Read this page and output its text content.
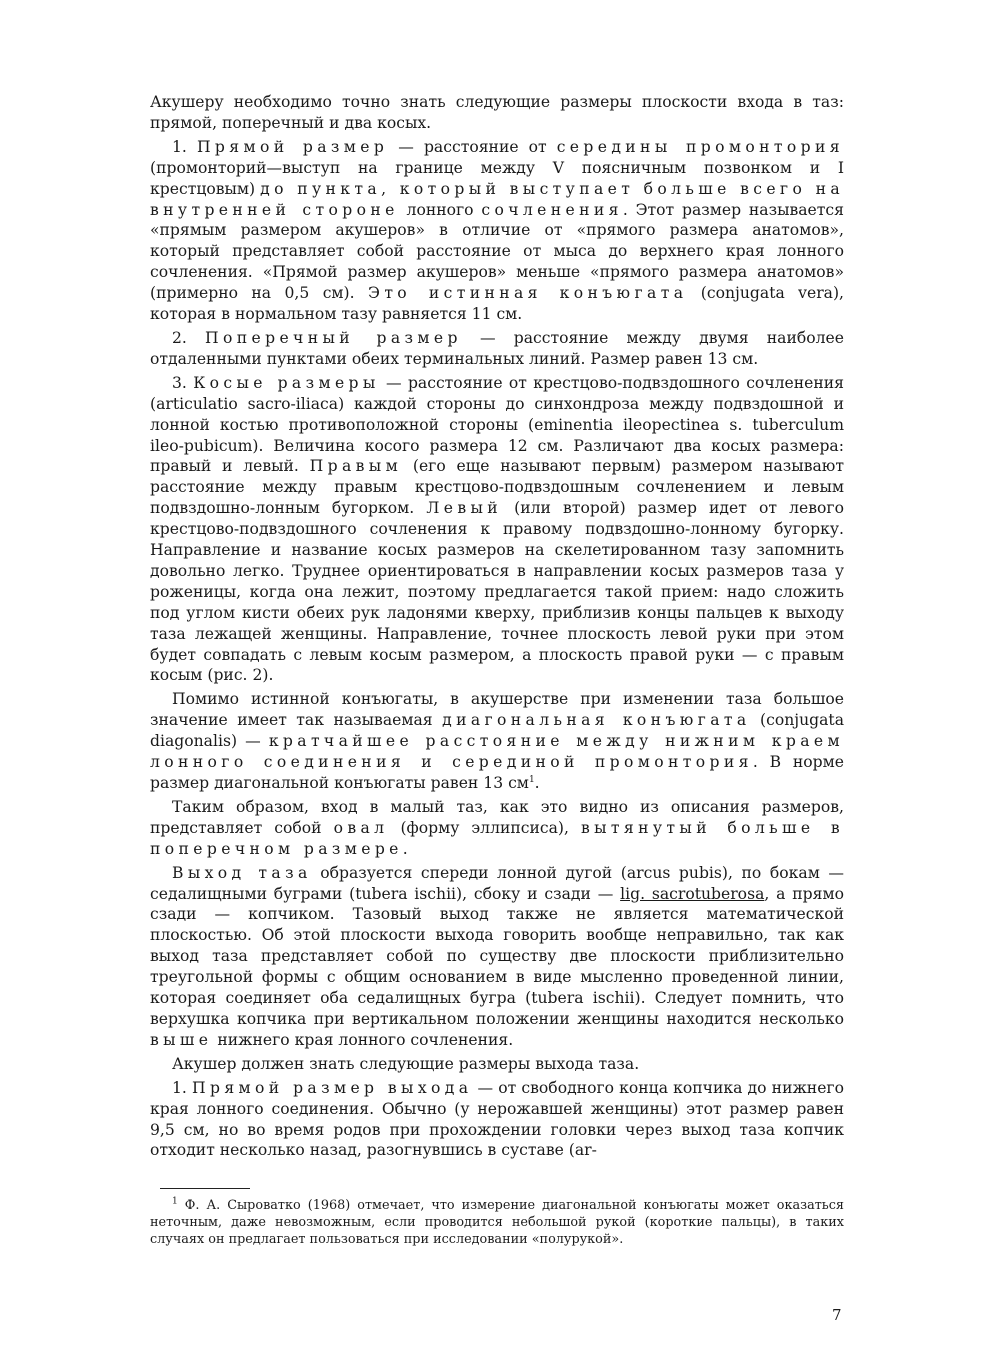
Акушеру необходимо точно знать следующие размеры плоскости входа в таз: прямой, поперечный и два косых.

1. Прямой размер — расстояние от середины промонтория (промонторий—выступ на границе между V поясничным позвонком и I крестцовым) до пункта, который выступает больше всего на внутренней стороне лонного сочленения. Этот размер называется «прямым размером акушеров» в отличие от «прямого размера анатомов», который представляет собой расстояние от мыса до верхнего края лонного сочленения. «Прямой размер акушеров» меньше «прямого размера анатомов» (примерно на 0,5 см). Это истинная конъюгата (conjugata vera), которая в нормальном тазу равняется 11 см.

2. Поперечный размер — расстояние между двумя наиболее отдаленными пунктами обеих терминальных линий. Размер равен 13 см.

3. Косые размеры — расстояние от крестцово-подвздошного сочленения (articulatio sacro-iliaca) каждой стороны до синхондроза между подвздошной и лонной костью противоположной стороны (eminentia ileopectinea s. tuberculum ileo-pubicum). Величина косого размера 12 см. Различают два косых размера: правый и левый. Правым (его еще называют первым) размером называют расстояние между правым крестцово-подвздошным сочленением и левым подвздошно-лонным бугорком. Левый (или второй) размер идет от левого крестцово-подвздошного сочленения к правому подвздошно-лонному бугорку. Направление и название косых размеров на скелетированном тазу запомнить довольно легко. Труднее ориентироваться в направлении косых размеров таза у роженицы, когда она лежит, поэтому предлагается такой прием: надо сложить под углом кисти обеих рук ладонями кверху, приблизив концы пальцев к выходу таза лежащей женщины. Направление, точнее плоскость левой руки при этом будет совпадать с левым косым размером, а плоскость правой руки — с правым косым (рис. 2).

Помимо истинной конъюгаты, в акушерстве при изменении таза большое значение имеет так называемая диагональная конъюгата (conjugata diagonalis) — кратчайшее расстояние между нижним краем лонного соединения и серединой промонтория. В норме размер диагональной конъюгаты равен 13 см$^1$.

Таким образом, вход в малый таз, как это видно из описания размеров, представляет собой овал (форму эллипсиса), вытянутый больше в поперечном размере.

Выход таза образуется спереди лонной дугой (arcus pubis), по бокам — седалищными буграми (tubera ischii), сбоку и сзади — lig. sacrotuberosa, а прямо сзади — копчиком. Тазовый выход также не является математической плоскостью. Об этой плоскости выхода говорить вообще неправильно, так как выход таза представляет собой по существу две плоскости приблизительно треугольной формы с общим основанием в виде мысленно проведенной линии, которая соединяет оба седалищных бугра (tubera ischii). Следует помнить, что верхушка копчика при вертикальном положении женщины находится несколько выше нижнего края лонного сочленения.

Акушер должен знать следующие размеры выхода таза.

1. Прямой размер выхода — от свободного конца копчика до нижнего края лонного соединения. Обычно (у нерожавшей женщины) этот размер равен 9,5 см, но во время родов при прохождении головки через выход таза копчик отходит несколько назад, разогнувшись в суставе (ar-

$^1$ Ф. А. Сыроватко (1968) отмечает, что измерение диагональной конъюгаты может оказаться неточным, даже невозможным, если проводится небольшой рукой (короткие пальцы), в таких случаях он предлагает пользоваться при исследовании «полурукой».

7
